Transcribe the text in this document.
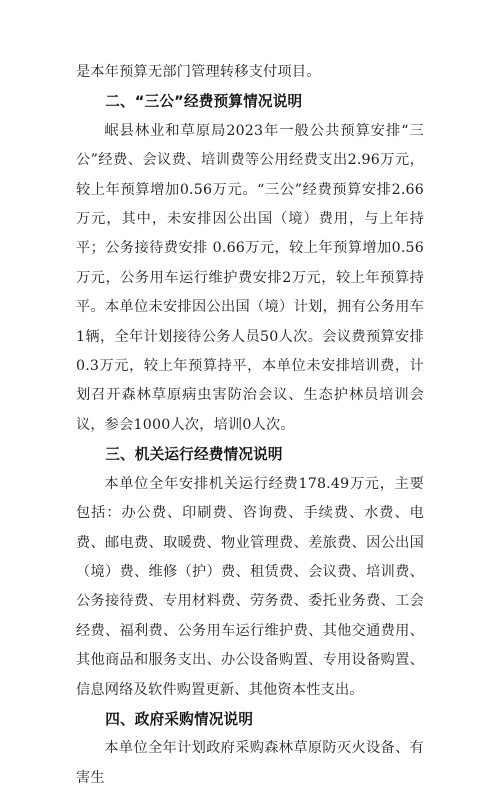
是本年预算无部门管理转移支付项目。

二、“三公”经费预算情况说明

岷县林业和草原局2023年一般公共预算安排“三公”经费、会议费、培训费等公用经费支出2.96万元，较上年预算增加0.56万元。“三公”经费预算安排2.66万元，其中，未安排因公出国（境）费用，与上年持平；公务接待费安排 0.66万元，较上年预算增加0.56万元，公务用车运行维护费安排2万元，较上年预算持平。本单位未安排因公出国（境）计划，拥有公务用车1辆，全年计划接待公务人员50人次。会议费预算安排0.3万元，较上年预算持平，本单位未安排培训费，计划召开森林草原病虫害防治会议、生态护林员培训会议，参会1000人次，培训0人次。

三、机关运行经费情况说明

本单位全年安排机关运行经费178.49万元，主要包括：办公费、印刷费、咨询费、手续费、水费、电费、邮电费、取暖费、物业管理费、差旅费、因公出国（境）费、维修（护）费、租赁费、会议费、培训费、公务接待费、专用材料费、劳务费、委托业务费、工会经费、福利费、公务用车运行维护费、其他交通费用、其他商品和服务支出、办公设备购置、专用设备购置、信息网络及软件购置更新、其他资本性支出。

四、政府采购情况说明

本单位全年计划政府采购森林草原防灭火设备、有害生
